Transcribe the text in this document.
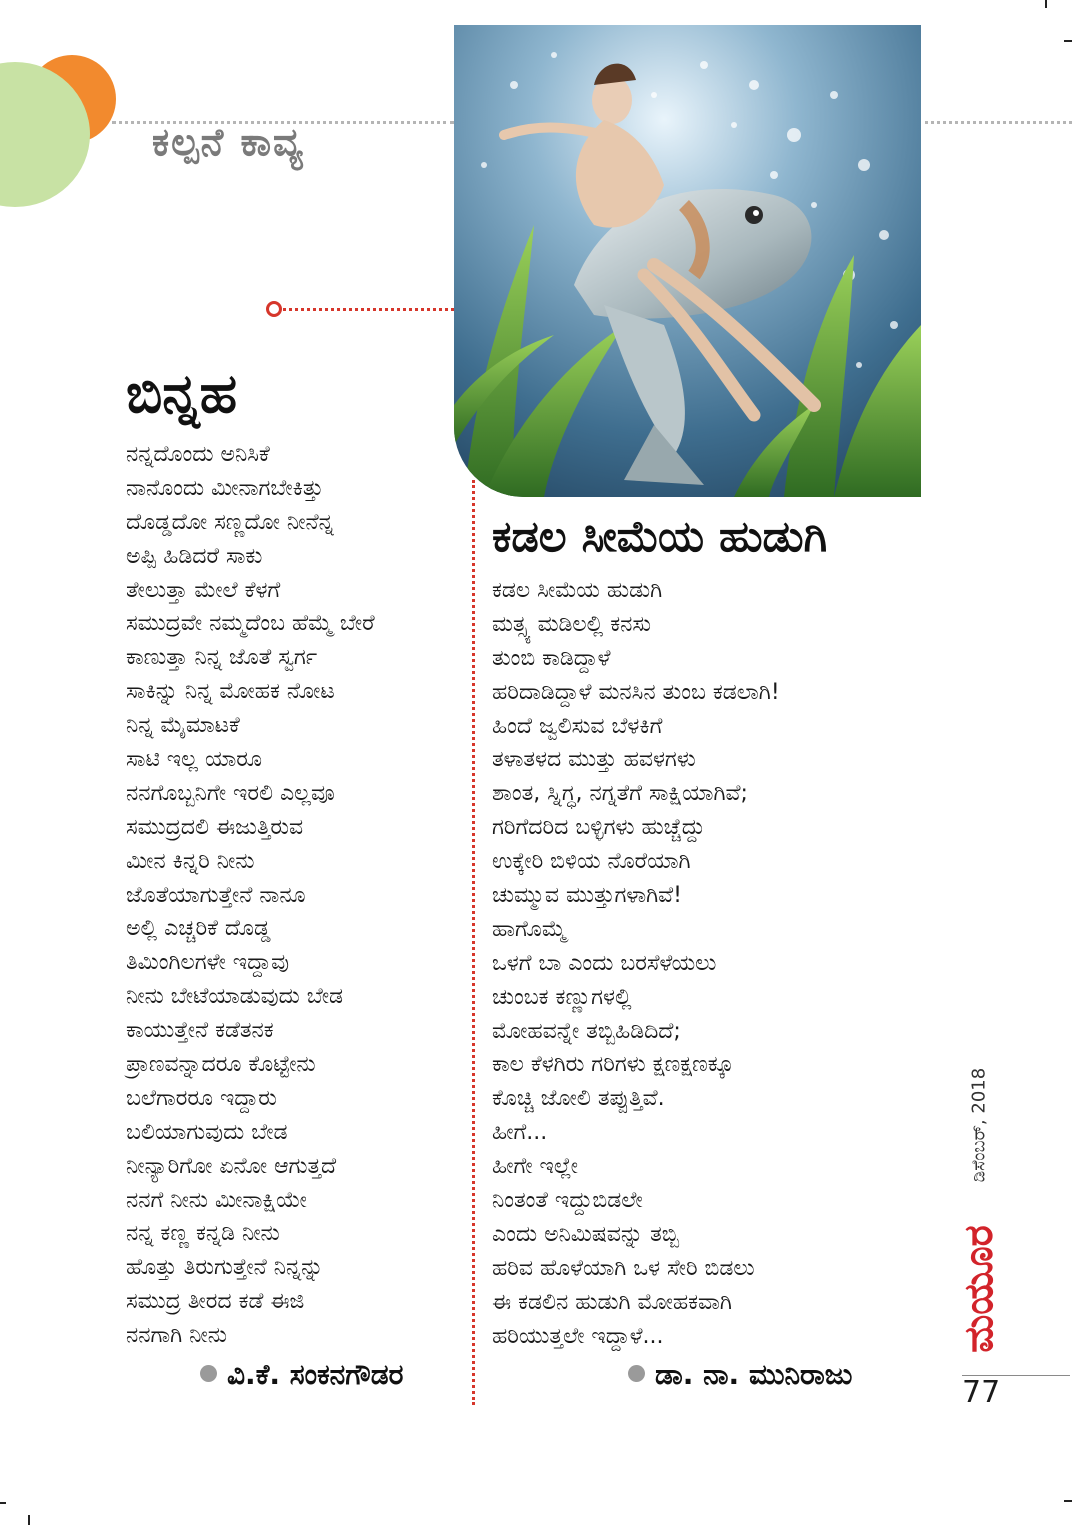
ಕಲ್ಪನೆ ಕಾವ್ಯ
ಬಿನ್ನಹ
ನನ್ನದೊಂದು ಅನಿಸಿಕೆ
ನಾನೊಂದು ಮೀನಾಗಬೇಕಿತ್ತು
ದೊಡ್ಡದೋ ಸಣ್ಣದೋ ನೀನೆನ್ನ
ಅಪ್ಪಿ ಹಿಡಿದರೆ ಸಾಕು
ತೇಲುತ್ತಾ ಮೇಲೆ ಕೆಳಗೆ
ಸಮುದ್ರವೇ ನಮ್ಮದೆಂಬ ಹೆಮ್ಮೆ ಬೇರೆ
ಕಾಣುತ್ತಾ ನಿನ್ನ ಜೊತೆ ಸ್ವರ್ಗ
ಸಾಕಿನ್ನು ನಿನ್ನ ಮೋಹಕ ನೋಟ
ನಿನ್ನ ಮೈಮಾಟಕೆ
ಸಾಟಿ ಇಲ್ಲ ಯಾರೂ
ನನಗೊಬ್ಬನಿಗೇ ಇರಲಿ ಎಲ್ಲವೂ
ಸಮುದ್ರದಲಿ ಈಜುತ್ತಿರುವ
ಮೀನ ಕಿನ್ನರಿ ನೀನು
ಜೊತೆಯಾಗುತ್ತೇನೆ ನಾನೂ
ಅಲ್ಲಿ ಎಚ್ಚರಿಕೆ ದೊಡ್ಡ
ತಿಮಿಂಗಿಲಗಳೇ ಇದ್ದಾವು
ನೀನು ಬೇಟೆಯಾಡುವುದು ಬೇಡ
ಕಾಯುತ್ತೇನೆ ಕಡೆತನಕ
ಪ್ರಾಣವನ್ನಾದರೂ ಕೊಟ್ಟೇನು
ಬಲೆಗಾರರೂ ಇದ್ದಾರು
ಬಲಿಯಾಗುವುದು ಬೇಡ
ನೀನ್ಯಾರಿಗೋ ಏನೋ ಆಗುತ್ತದೆ
ನನಗೆ ನೀನು ಮೀನಾಕ್ಷಿಯೇ
ನನ್ನ ಕಣ್ಣ ಕನ್ನಡಿ ನೀನು
ಹೊತ್ತು ತಿರುಗುತ್ತೇನೆ ನಿನ್ನನ್ನು
ಸಮುದ್ರ ತೀರದ ಕಡೆ ಈಜಿ
ನನಗಾಗಿ ನೀನು
ವಿ.ಕೆ. ಸಂಕನಗೌಡರ
ಕಡಲ ಸೀಮೆಯ ಹುಡುಗಿ
ಕಡಲ ಸೀಮೆಯ ಹುಡುಗಿ
ಮತ್ಸ್ಯ ಮಡಿಲಲ್ಲಿ ಕನಸು
ತುಂಬಿ ಕಾಡಿದ್ದಾಳೆ
ಹರಿದಾಡಿದ್ದಾಳೆ ಮನಸಿನ ತುಂಬ ಕಡಲಾಗಿ!
ಹಿಂದೆ ಜ್ವಲಿಸುವ ಬೆಳಕಿಗೆ
ತಳಾತಳದ ಮುತ್ತು ಹವಳಗಳು
ಶಾಂತ, ಸ್ನಿಗ್ಧ, ನಗ್ನತೆಗೆ ಸಾಕ್ಷಿಯಾಗಿವೆ;
ಗರಿಗೆದರಿದ ಬಳ್ಳಿಗಳು ಹುಚ್ಚೆದ್ದು
ಉಕ್ಕೇರಿ ಬಿಳಿಯ ನೊರೆಯಾಗಿ
ಚುಮ್ಮುವ ಮುತ್ತುಗಳಾಗಿವೆ!
ಹಾಗೊಮ್ಮೆ
ಒಳಗೆ ಬಾ ಎಂದು ಬರಸೆಳೆಯಲು
ಚುಂಬಕ ಕಣ್ಣುಗಳಲ್ಲಿ
ಮೋಹವನ್ನೇ ತಬ್ಬಿಹಿಡಿದಿದೆ;
ಕಾಲ ಕೆಳಗಿರು ಗರಿಗಳು ಕ್ಷಣಕ್ಷಣಕ್ಕೂ
ಕೊಚ್ಚಿ ಜೋಲಿ ತಪ್ಪುತ್ತಿವೆ.
ಹೀಗೆ...
ಹೀಗೇ ಇಲ್ಲೇ
ನಿಂತಂತೆ ಇದ್ದುಬಿಡಲೇ
ಎಂದು ಅನಿಮಿಷವನ್ನು ತಬ್ಬಿ
ಹರಿವ ಹೊಳೆಯಾಗಿ ಒಳ ಸೇರಿ ಬಿಡಲು
ಈ ಕಡಲಿನ ಹುಡುಗಿ ಮೋಹಕವಾಗಿ
ಹರಿಯುತ್ತಲೇ ಇದ್ದಾಳೆ...
ಡಾ. ನಾ. ಮುನಿರಾಜು
ಡಿಸೆಂಬರ್, 2018
ಮಯೂರ
77
